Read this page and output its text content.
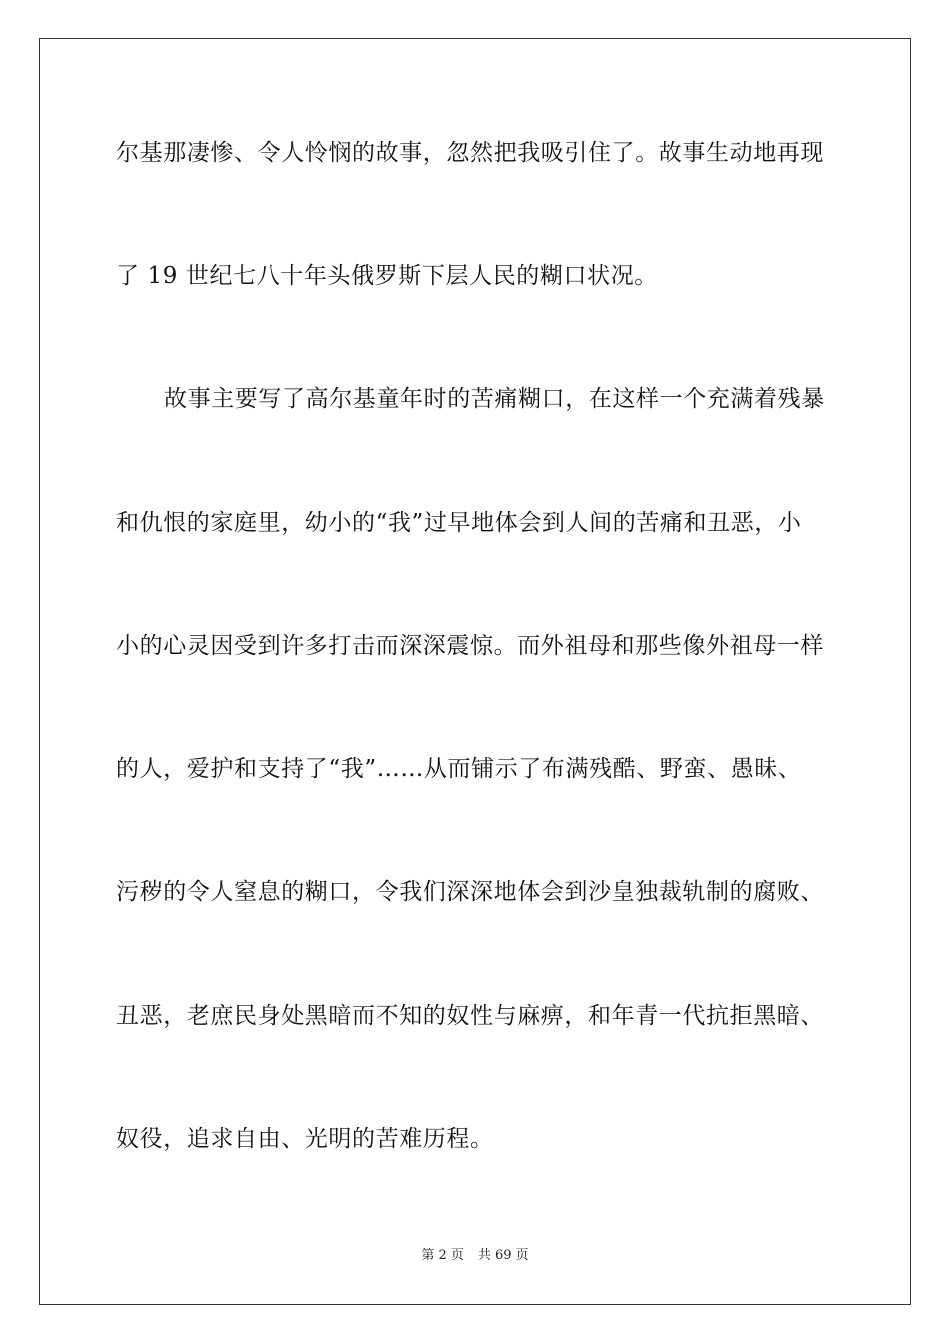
尔基那凄惨、令人怜悯的故事，忽然把我吸引住了。故事生动地再现
了 19 世纪七八十年头俄罗斯下层人民的糊口状况。
故事主要写了高尔基童年时的苦痛糊口，在这样一个充满着残暴
和仇恨的家庭里，幼小的“我”过早地体会到人间的苦痛和丑恶，小
小的心灵因受到许多打击而深深震惊。而外祖母和那些像外祖母一样
的人，爱护和支持了“我”……从而铺示了布满残酷、野蛮、愚昧、
污秽的令人窒息的糊口，令我们深深地体会到沙皇独裁轨制的腐败、
丑恶，老庶民身处黑暗而不知的奴性与麻痹，和年青一代抗拒黑暗、
奴役，追求自由、光明的苦难历程。
第 2 页 共 69 页
